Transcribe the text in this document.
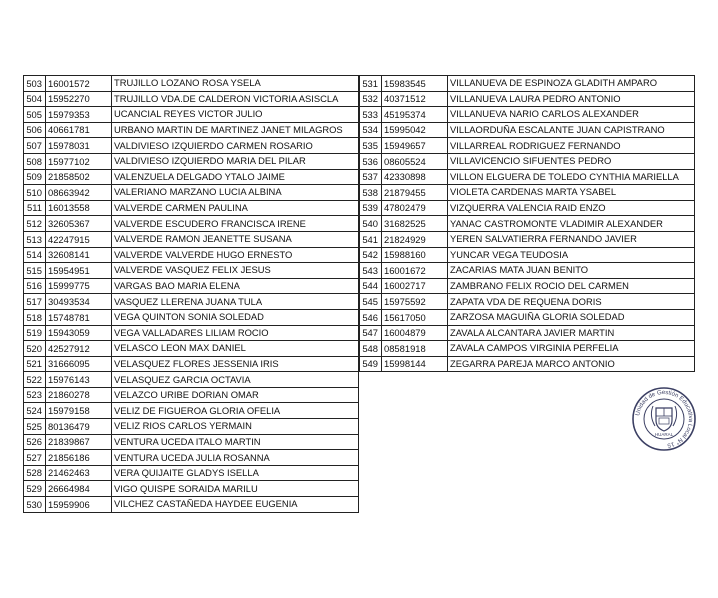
503	16001572	TRUJILLO LOZANO ROSA YSELA
504	15952270	TRUJILLO VDA.DE CALDERON VICTORIA ASISCLA
505	15979353	UCANCIAL REYES VICTOR JULIO
506	40661781	URBANO MARTIN DE MARTINEZ JANET MILAGROS
507	15978031	VALDIVIESO IZQUIERDO CARMEN ROSARIO
508	15977102	VALDIVIESO IZQUIERDO MARIA DEL PILAR
509	21858502	VALENZUELA DELGADO YTALO JAIME
510	08663942	VALERIANO MARZANO LUCIA ALBINA
511	16013558	VALVERDE CARMEN PAULINA
512	32605367	VALVERDE ESCUDERO FRANCISCA IRENE
513	42247915	VALVERDE RAMON JEANETTE SUSANA
514	32608141	VALVERDE VALVERDE HUGO ERNESTO
515	15954951	VALVERDE VASQUEZ FELIX JESUS
516	15999775	VARGAS BAO MARIA ELENA
517	30493534	VASQUEZ LLERENA JUANA TULA
518	15748781	VEGA QUINTON SONIA SOLEDAD
519	15943059	VEGA VALLADARES LILIAM ROCIO
520	42527912	VELASCO LEON MAX DANIEL
521	31666095	VELASQUEZ FLORES JESSENIA IRIS
522	15976143	VELASQUEZ GARCIA OCTAVIA
523	21860278	VELAZCO URIBE DORIAN OMAR
524	15979158	VELIZ DE FIGUEROA GLORIA OFELIA
525	80136479	VELIZ RIOS CARLOS YERMAIN
526	21839867	VENTURA UCEDA ITALO MARTIN
527	21856186	VENTURA UCEDA JULIA ROSANNA
528	21462463	VERA QUIJAITE GLADYS ISELLA
529	26664984	VIGO QUISPE SORAIDA MARILU
530	15959906	VILCHEZ CASTAÑEDA HAYDEE EUGENIA
531	15983545	VILLANUEVA DE ESPINOZA GLADITH AMPARO
532	40371512	VILLANUEVA LAURA PEDRO ANTONIO
533	45195374	VILLANUEVA NARIO CARLOS ALEXANDER
534	15995042	VILLAORDUÑA ESCALANTE JUAN CAPISTRANO
535	15949657	VILLARREAL RODRIGUEZ FERNANDO
536	08605524	VILLAVICENCIO SIFUENTES PEDRO
537	42330898	VILLON ELGUERA DE TOLEDO CYNTHIA MARIELLA
538	21879455	VIOLETA CARDENAS MARTA YSABEL
539	47802479	VIZQUERRA VALENCIA RAID ENZO
540	31682525	YANAC CASTROMONTE VLADIMIR ALEXANDER
541	21824929	YEREN SALVATIERRA FERNANDO JAVIER
542	15988160	YUNCAR VEGA TEUDOSIA
543	16001672	ZACARIAS MATA JUAN BENITO
544	16002717	ZAMBRANO FELIX ROCIO DEL CARMEN
545	15975592	ZAPATA VDA DE REQUENA DORIS
546	15617050	ZARZOSA MAGUIÑA GLORIA SOLEDAD
547	16004879	ZAVALA ALCANTARA JAVIER MARTIN
548	08581918	ZAVALA CAMPOS VIRGINIA PERFELIA
549	15998144	ZEGARRA PAREJA MARCO ANTONIO
Unidad de Gestión Educativa Local N° 15
HUARAL
